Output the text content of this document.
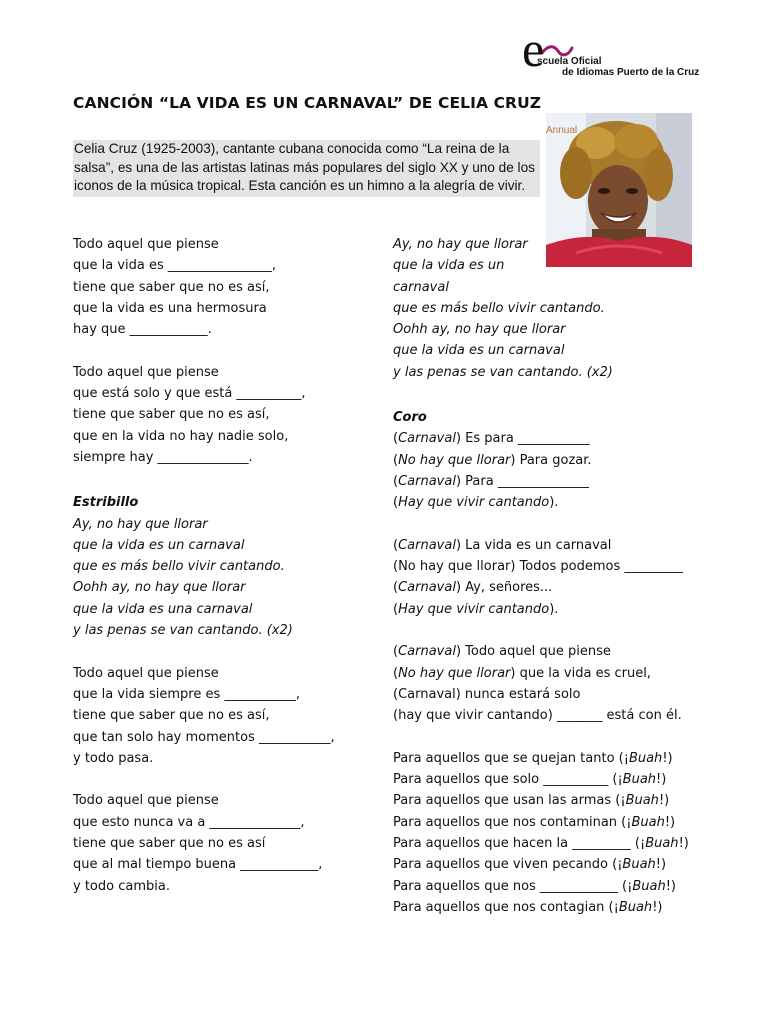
e
scuela Oficial
de Idiomas Puerto de la Cruz
CANCIÓN “LA VIDA ES UN CARNAVAL” DE CELIA CRUZ
Celia Cruz (1925-2003), cantante cubana conocida como “La reina de la salsa”, es una de las artistas latinas más populares del siglo XX y uno de los iconos de la música tropical. Esta canción es un himno a la alegría de vivir.
Annual
Todo aquel que piense
que la vida es ________________,
tiene que saber que no es así,
que la vida es una hermosura
hay que ____________.
Todo aquel que piense
que está solo y que está __________,
tiene que saber que no es así,
que en la vida no hay nadie solo,
siempre hay ______________.
Estribillo
Ay, no hay que llorar
que la vida es un carnaval
que es más bello vivir cantando.
Oohh ay, no hay que llorar
que la vida es una carnaval
y las penas se van cantando. (x2)
Todo aquel que piense
que la vida siempre es ___________,
tiene que saber que no es así,
que tan solo hay momentos ___________,
y todo pasa.
Todo aquel que piense
que esto nunca va a ______________,
tiene que saber que no es así
que al mal tiempo buena ____________,
y todo cambia.
Ay, no hay que llorar
que la vida es un
carnaval
que es más bello vivir cantando.
Oohh ay, no hay que llorar
que la vida es un carnaval
y las penas se van cantando. (x2)
Coro
(Carnaval) Es para ___________
(No hay que llorar) Para gozar.
(Carnaval) Para ______________
(Hay que vivir cantando).
(Carnaval) La vida es un carnaval
(No hay que llorar) Todos podemos _________
(Carnaval) Ay, señores...
(Hay que vivir cantando).
(Carnaval) Todo aquel que piense
(No hay que llorar) que la vida es cruel,
(Carnaval) nunca estará solo
(hay que vivir cantando) _______ está con él.
Para aquellos que se quejan tanto (¡Buah!)
Para aquellos que solo __________ (¡Buah!)
Para aquellos que usan las armas (¡Buah!)
Para aquellos que nos contaminan (¡Buah!)
Para aquellos que hacen la _________ (¡Buah!)
Para aquellos que viven pecando (¡Buah!)
Para aquellos que nos ____________ (¡Buah!)
Para aquellos que nos contagian (¡Buah!)
